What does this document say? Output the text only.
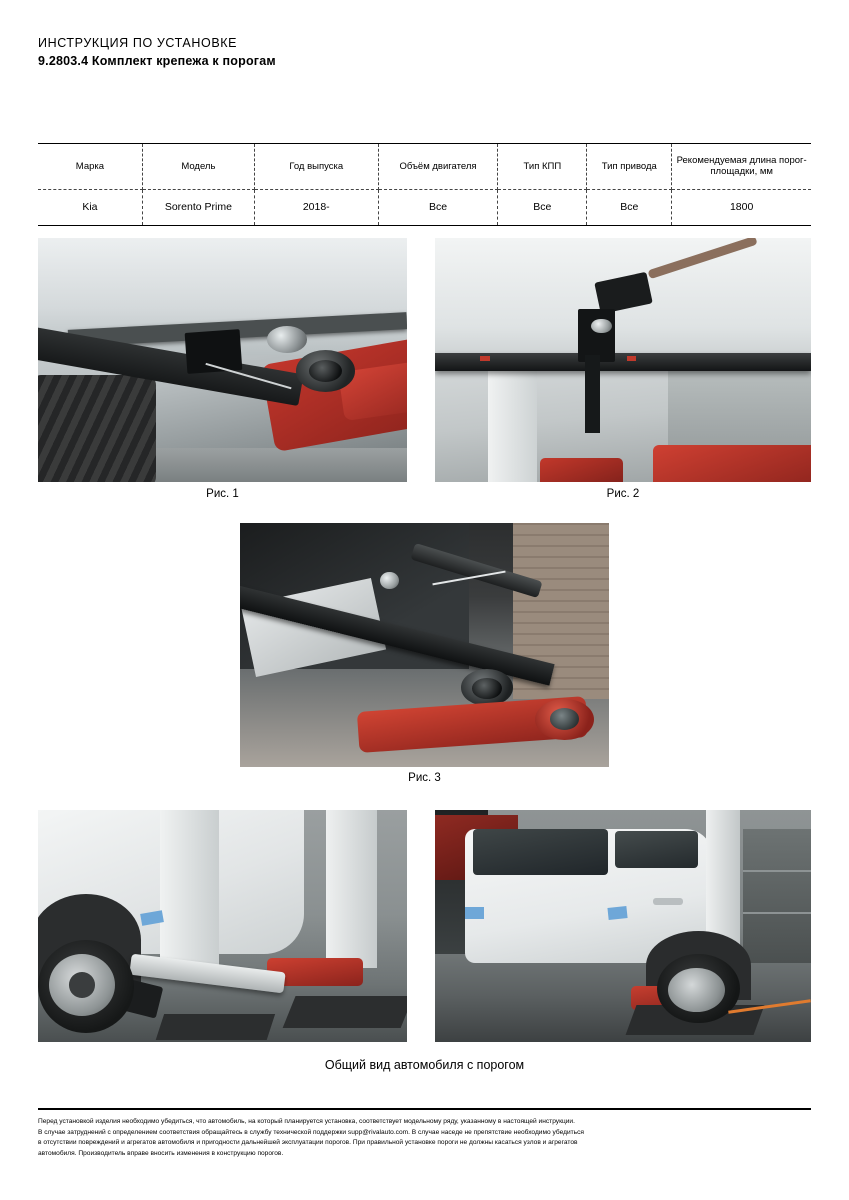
ИНСТРУКЦИЯ ПО УСТАНОВКЕ
9.2803.4 Комплект крепежа к порогам
Марка	Модель	Год выпуска	Объём двигателя	Тип КПП	Тип привода	Рекомендуемая длина порог-площадки, мм
Kia	Sorento Prime	2018-	Все	Все	Все	1800
Рис. 1	Рис. 2
Рис. 3
Общий вид автомобиля с порогом

Перед установкой изделия необходимо убедиться, что автомобиль, на который планируется установка, соответствует модельному ряду, указанному в настоящей инструкции.

В случае затруднений с определением соответствия обращайтесь в службу технической поддержки supp@rivalauto.com. В случае наседе не препятствие необходимо убедиться

в отсутствии повреждений и агрегатов автомобиля и пригодности дальнейшей эксплуатации порогов. При правильной установке пороги не должны касаться узлов и агрегатов

автомобиля. Производитель вправе вносить изменения в конструкцию порогов.
